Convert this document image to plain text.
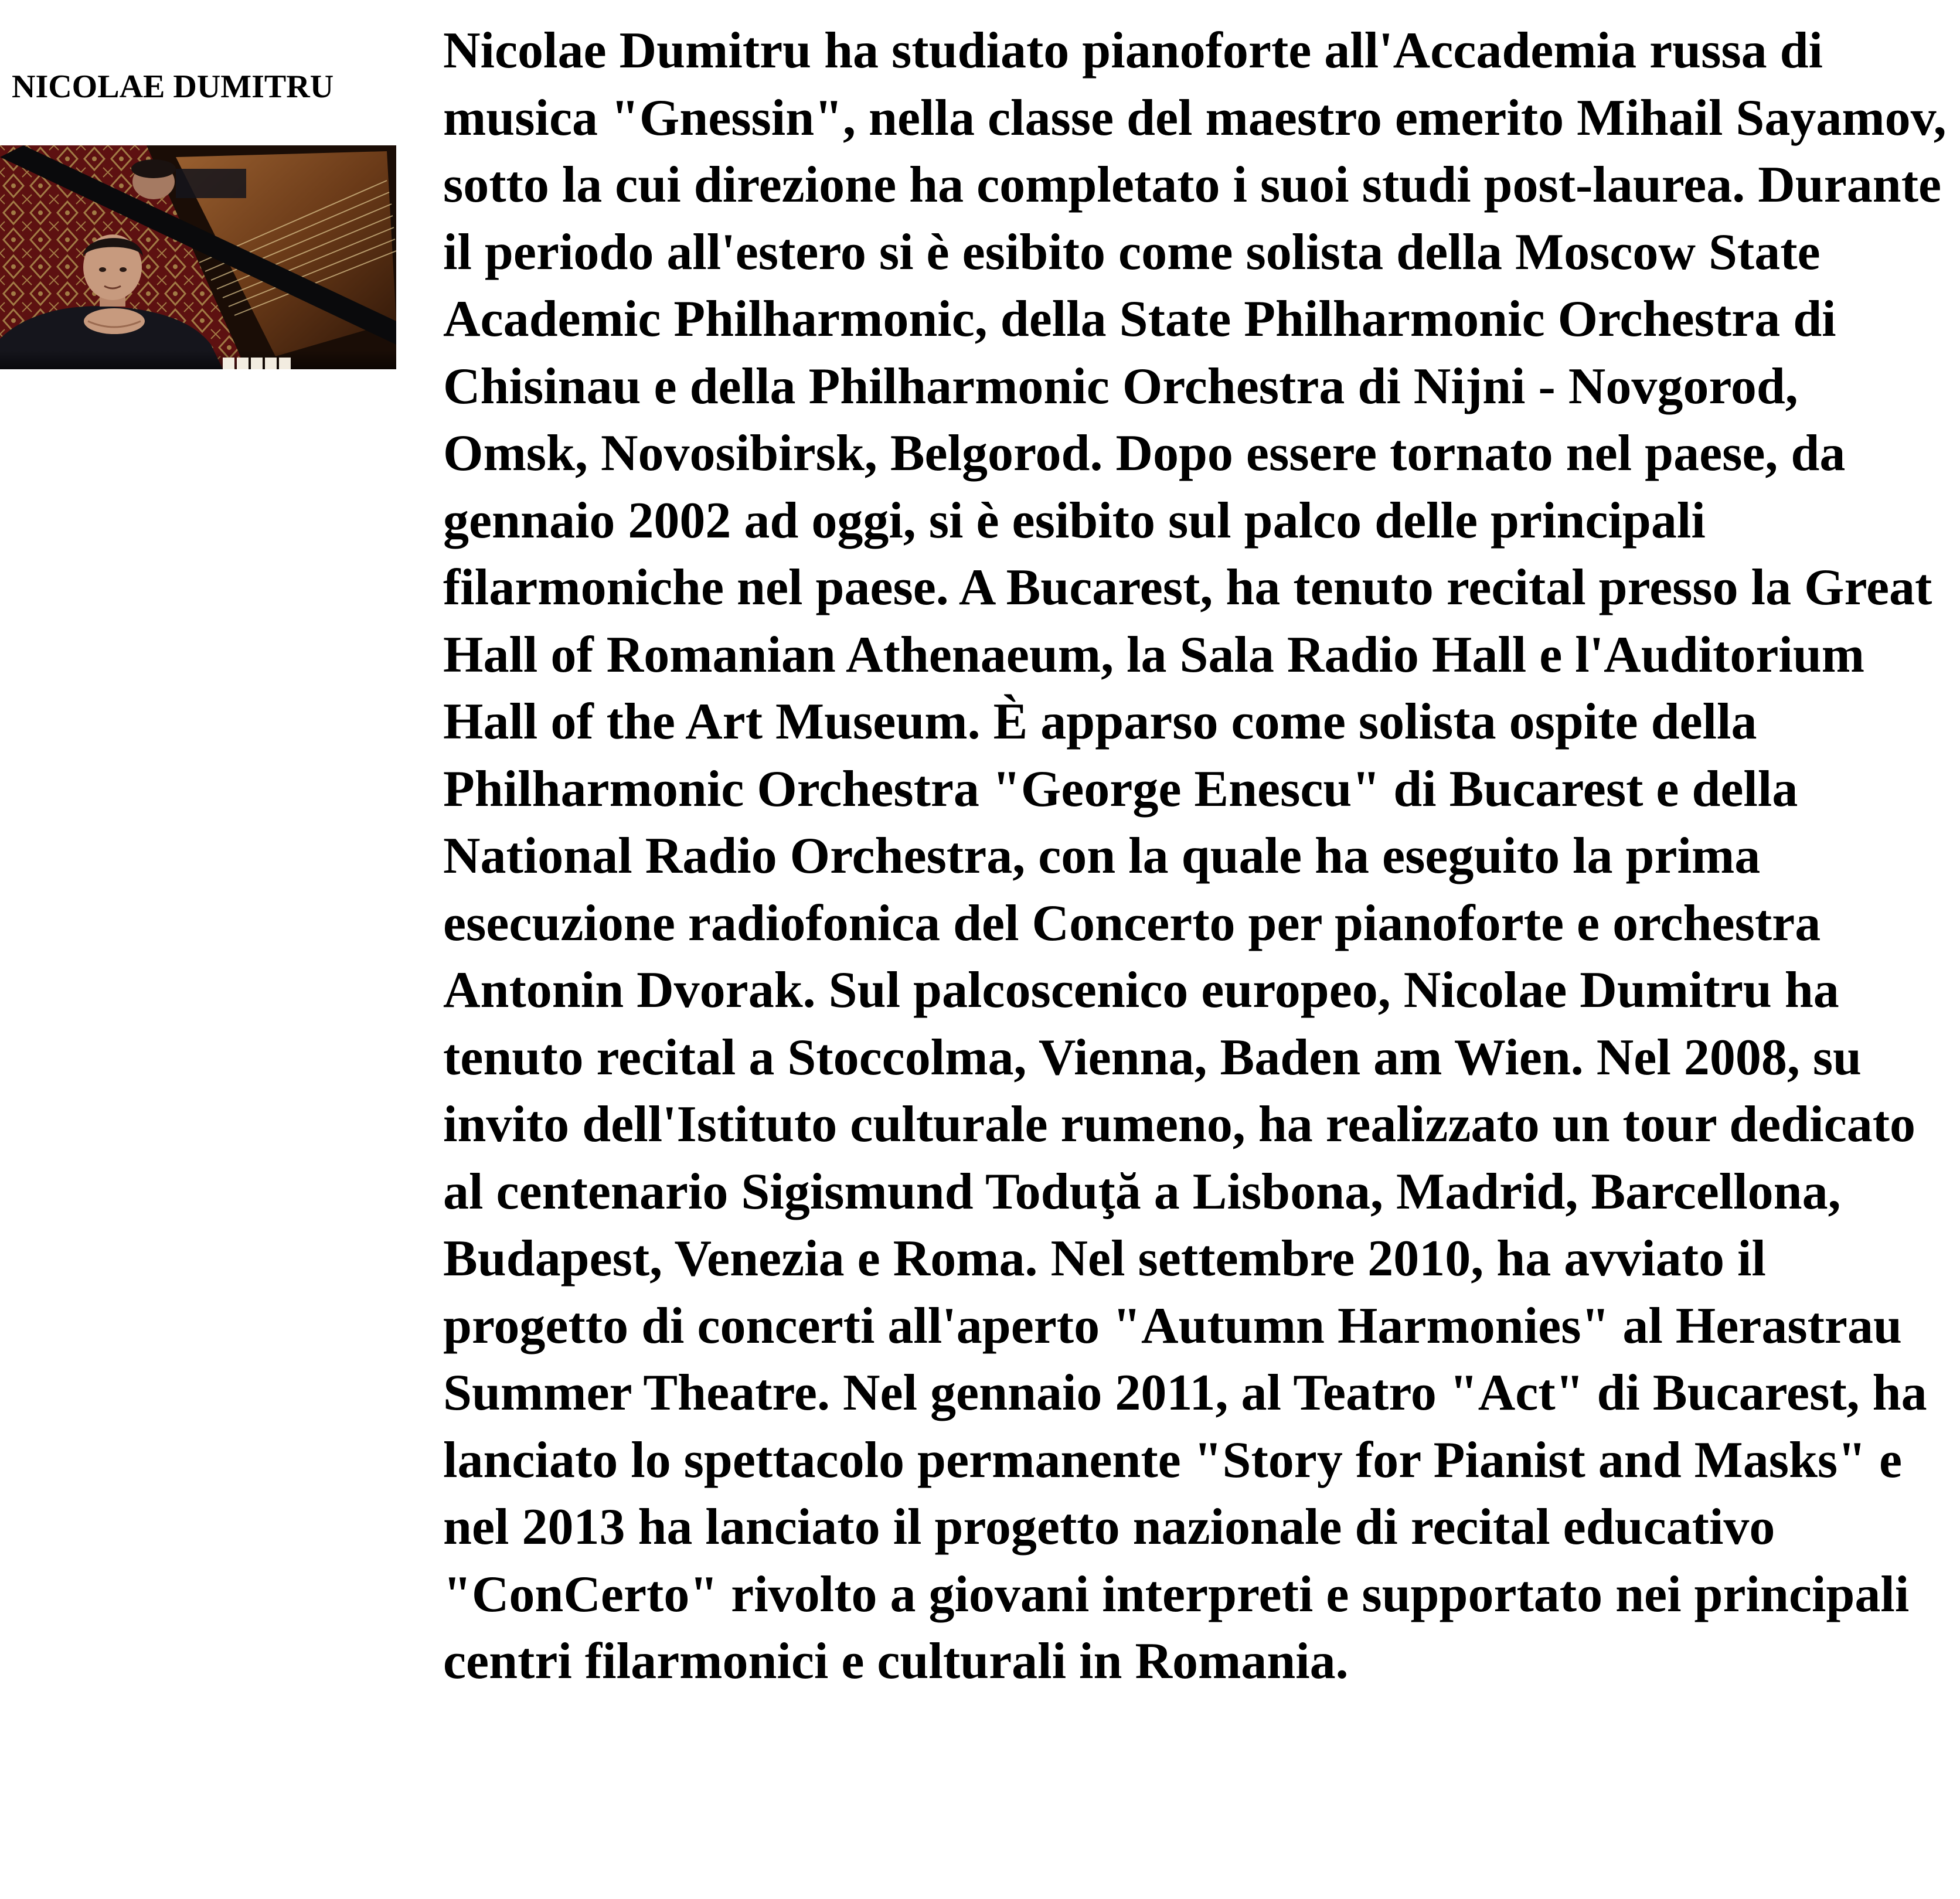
NICOLAE DUMITRU

Nicolae Dumitru ha studiato pianoforte all'Accademia russa di musica "Gnessin", nella classe del maestro emerito Mihail Sayamov, sotto la cui direzione ha completato i suoi studi post-laurea. Durante il periodo all'estero si è esibito come solista della Moscow State Academic Philharmonic, della State Philharmonic Orchestra di Chisinau e della Philharmonic Orchestra di Nijni - Novgorod, Omsk, Novosibirsk, Belgorod. Dopo essere tornato nel paese, da gennaio 2002 ad oggi, si è esibito sul palco delle principali filarmoniche nel paese. A Bucarest, ha tenuto recital presso la Great Hall of Romanian Athenaeum, la Sala Radio Hall e l'Auditorium Hall of the Art Museum. È apparso come solista ospite della Philharmonic Orchestra "George Enescu" di Bucarest e della National Radio Orchestra, con la quale ha eseguito la prima esecuzione radiofonica del Concerto per pianoforte e orchestra Antonin Dvorak. Sul palcoscenico europeo, Nicolae Dumitru ha tenuto recital a Stoccolma, Vienna, Baden am Wien. Nel 2008, su invito dell'Istituto culturale rumeno, ha realizzato un tour dedicato al centenario Sigismund Toduţă a Lisbona, Madrid, Barcellona, Budapest, Venezia e Roma. Nel settembre 2010, ha avviato il progetto di concerti all'aperto "Autumn Harmonies" al Herastrau Summer Theatre. Nel gennaio 2011, al Teatro "Act" di Bucarest, ha lanciato lo spettacolo permanente "Story for Pianist and Masks" e nel 2013 ha lanciato il progetto nazionale di recital educativo "ConCerto" rivolto a giovani interpreti e supportato nei principali centri filarmonici e culturali in Romania.
